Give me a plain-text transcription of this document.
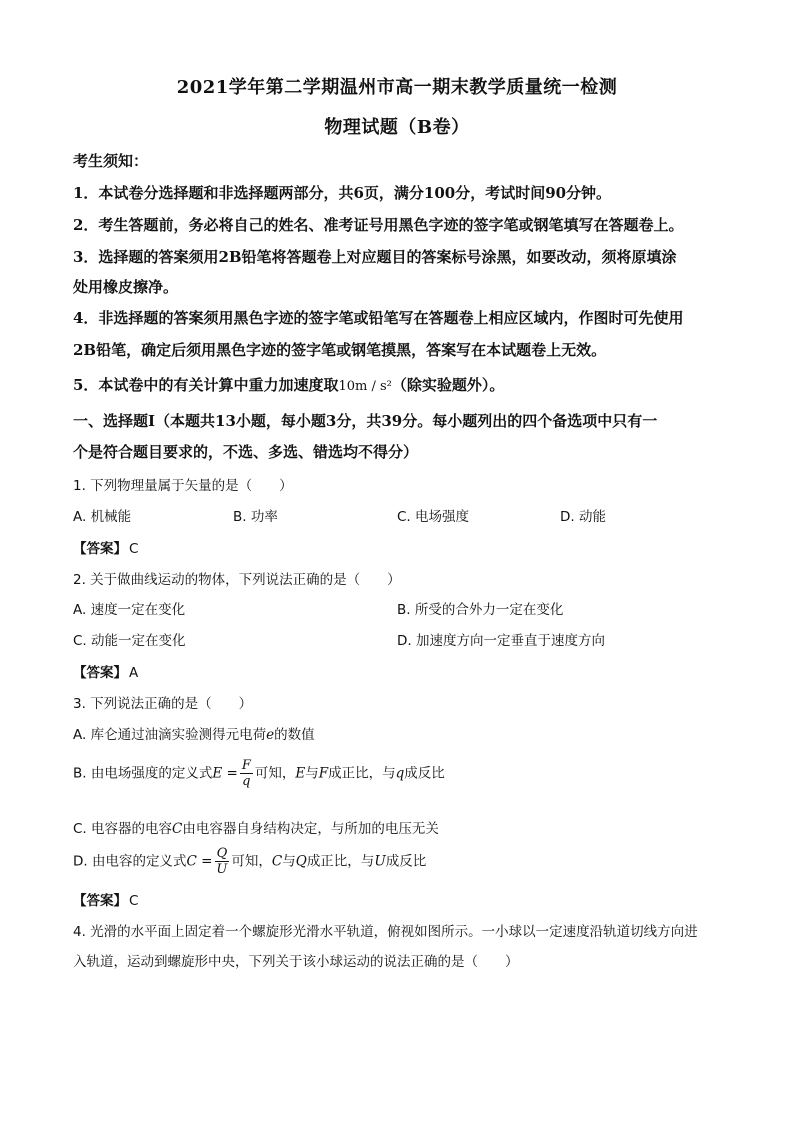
2021学年第二学期温州市高一期末教学质量统一检测
物理试题（B卷）
考生须知：
1．本试卷分选择题和非选择题两部分，共6页，满分100分，考试时间90分钟。
2．考生答题前，务必将自己的姓名、准考证号用黑色字迹的签字笔或钢笔填写在答题卷上。
3．选择题的答案须用2B铅笔将答题卷上对应题目的答案标号涂黑，如要改动，须将原填涂
处用橡皮擦净。
4．非选择题的答案须用黑色字迹的签字笔或铅笔写在答题卷上相应区域内，作图时可先使用
2B铅笔，确定后须用黑色字迹的签字笔或钢笔摸黑，答案写在本试题卷上无效。
5．本试卷中的有关计算中重力加速度取10m / s²（除实验题外）。
一、选择题Ⅰ（本题共13小题，每小题3分，共39分。每小题列出的四个备选项中只有一
个是符合题目要求的，不选、多选、错选均不得分）
1. 下列物理量属于矢量的是（　　）
A. 机械能	B. 功率	C. 电场强度	D. 动能
【答案】 C
2. 关于做曲线运动的物体，下列说法正确的是（　　）
A. 速度一定在变化	B. 所受的合外力一定在变化
C. 动能一定在变化	D. 加速度方向一定垂直于速度方向
【答案】 A
3. 下列说法正确的是（　　）
A. 库仑通过油滴实验测得元电荷e的数值
B. 由电场强度的定义式$E = \frac{F}{q}$ 可知，E与F成正比，与q成反比
C. 电容器的电容C由电容器自身结构决定，与所加的电压无关
D. 由电容的定义式$C = \frac{Q}{U}$ 可知，C与Q成正比，与U成反比
【答案】 C
4. 光滑的水平面上固定着一个螺旋形光滑水平轨道，俯视如图所示。一小球以一定速度沿轨道切线方向进
入轨道，运动到螺旋形中央，下列关于该小球运动的说法正确的是（　　）
